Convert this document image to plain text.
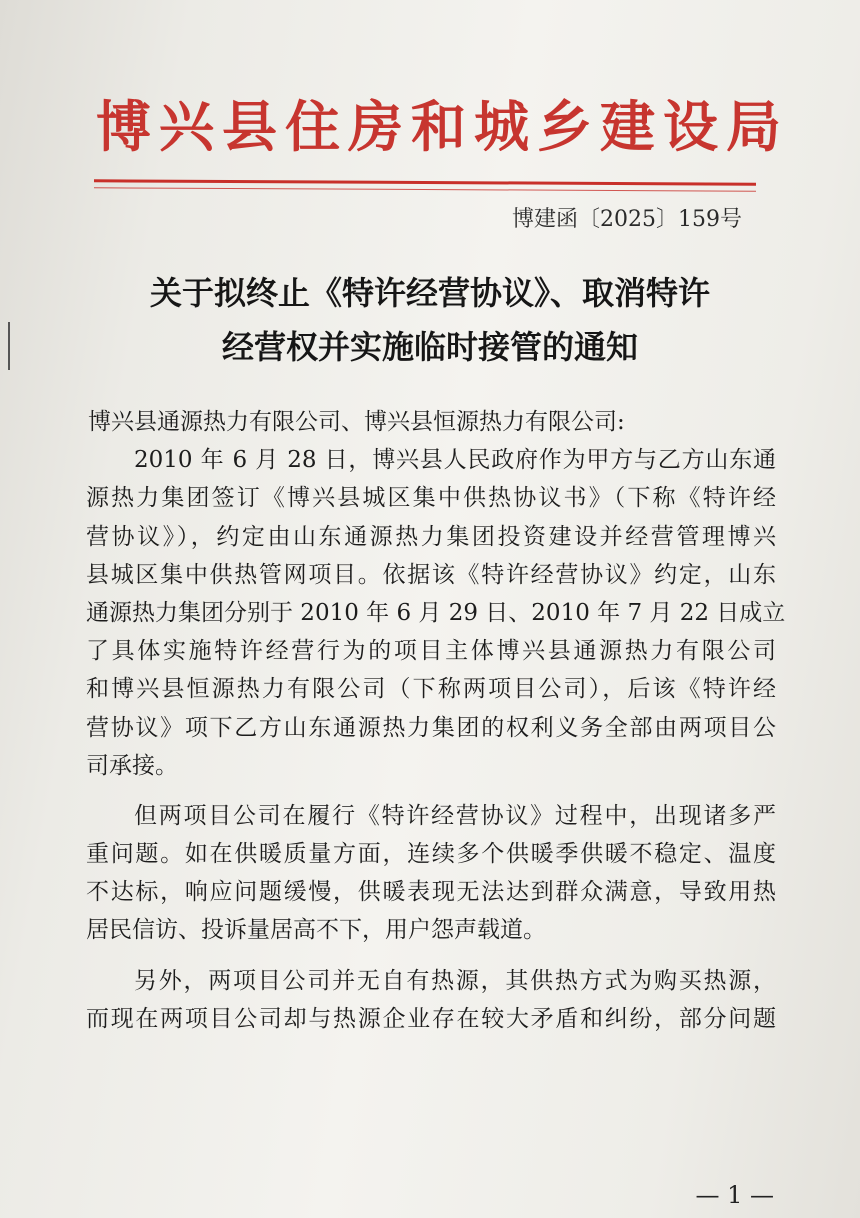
博兴县住房和城乡建设局
博建函〔2025〕159号
关于拟终止《特许经营协议》、取消特许
经营权并实施临时接管的通知
博兴县通源热力有限公司、博兴县恒源热力有限公司:
2010 年 6 月 28 日，博兴县人民政府作为甲方与乙方山东通
源热力集团签订《博兴县城区集中供热协议书》（下称《特许经
营协议》），约定由山东通源热力集团投资建设并经营管理博兴
县城区集中供热管网项目。依据该《特许经营协议》约定，山东
通源热力集团分别于 2010 年 6 月 29 日、2010 年 7 月 22 日成立
了具体实施特许经营行为的项目主体博兴县通源热力有限公司
和博兴县恒源热力有限公司（下称两项目公司），后该《特许经
营协议》项下乙方山东通源热力集团的权利义务全部由两项目公
司承接。
但两项目公司在履行《特许经营协议》过程中，出现诸多严
重问题。如在供暖质量方面，连续多个供暖季供暖不稳定、温度
不达标，响应问题缓慢，供暖表现无法达到群众满意，导致用热
居民信访、投诉量居高不下，用户怨声载道。
另外，两项目公司并无自有热源，其供热方式为购买热源，
而现在两项目公司却与热源企业存在较大矛盾和纠纷，部分问题
— 1 —
